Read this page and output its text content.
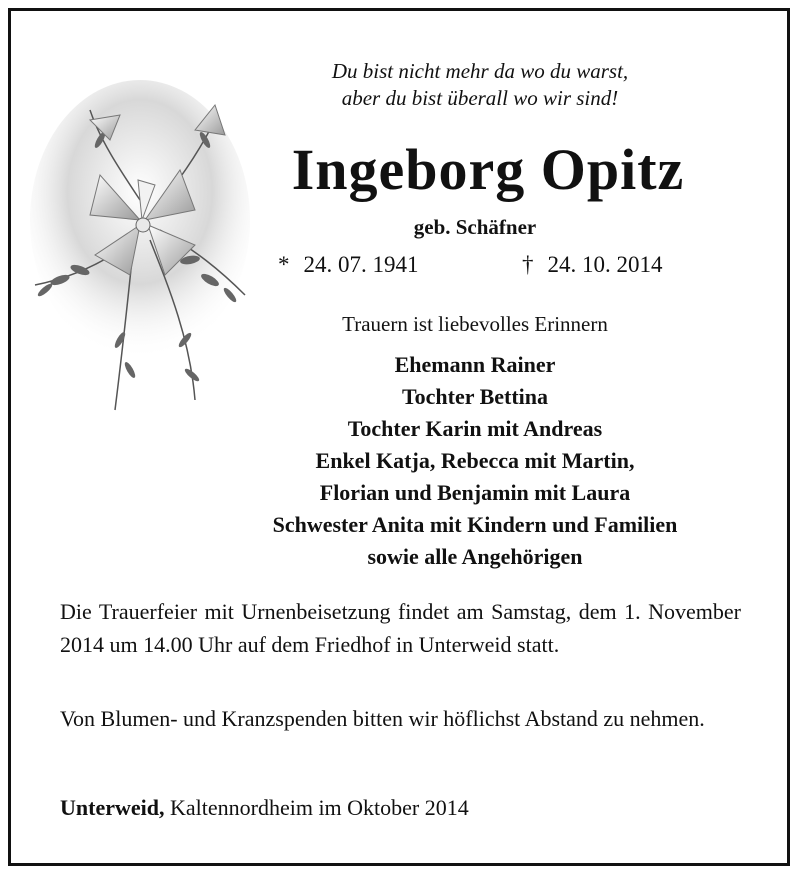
Du bist nicht mehr da wo du warst,
aber du bist überall wo wir sind!
Ingeborg Opitz
geb. Schäfner
* 24. 07. 1941	† 24. 10. 2014
Trauern ist liebevolles Erinnern
Ehemann Rainer
Tochter Bettina
Tochter Karin mit Andreas
Enkel Katja, Rebecca mit Martin,
Florian und Benjamin mit Laura
Schwester Anita mit Kindern und Familien
sowie alle Angehörigen

Die Trauerfeier mit Urnenbeisetzung findet am Samstag, dem 1. November 2014 um 14.00 Uhr auf dem Friedhof in Unterweid statt.

Von Blumen- und Kranzspenden bitten wir höflichst Abstand zu nehmen.

Unterweid, Kaltennordheim im Oktober 2014
